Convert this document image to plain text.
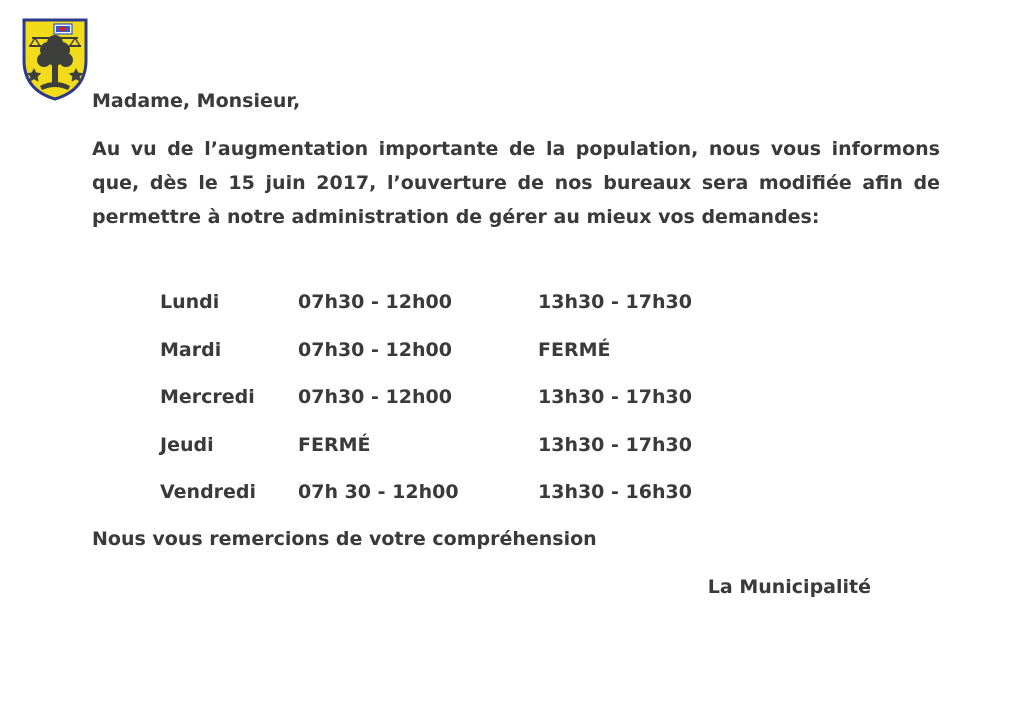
Madame, Monsieur,
Au vu de l’augmentation importante de la population, nous vous informons que, dès le 15 juin 2017, l’ouverture de nos bureaux sera modifiée afin de permettre à notre administration de gérer au mieux vos demandes:
Lundi	07h30 - 12h00	13h30 - 17h30
Mardi	07h30 - 12h00	FERMÉ
Mercredi 07h30 - 12h00	13h30 - 17h30
Jeudi	FERMÉ	13h30 - 17h30
Vendredi 07h 30 - 12h00	13h30 - 16h30
Nous vous remercions de votre compréhension
La Municipalité
